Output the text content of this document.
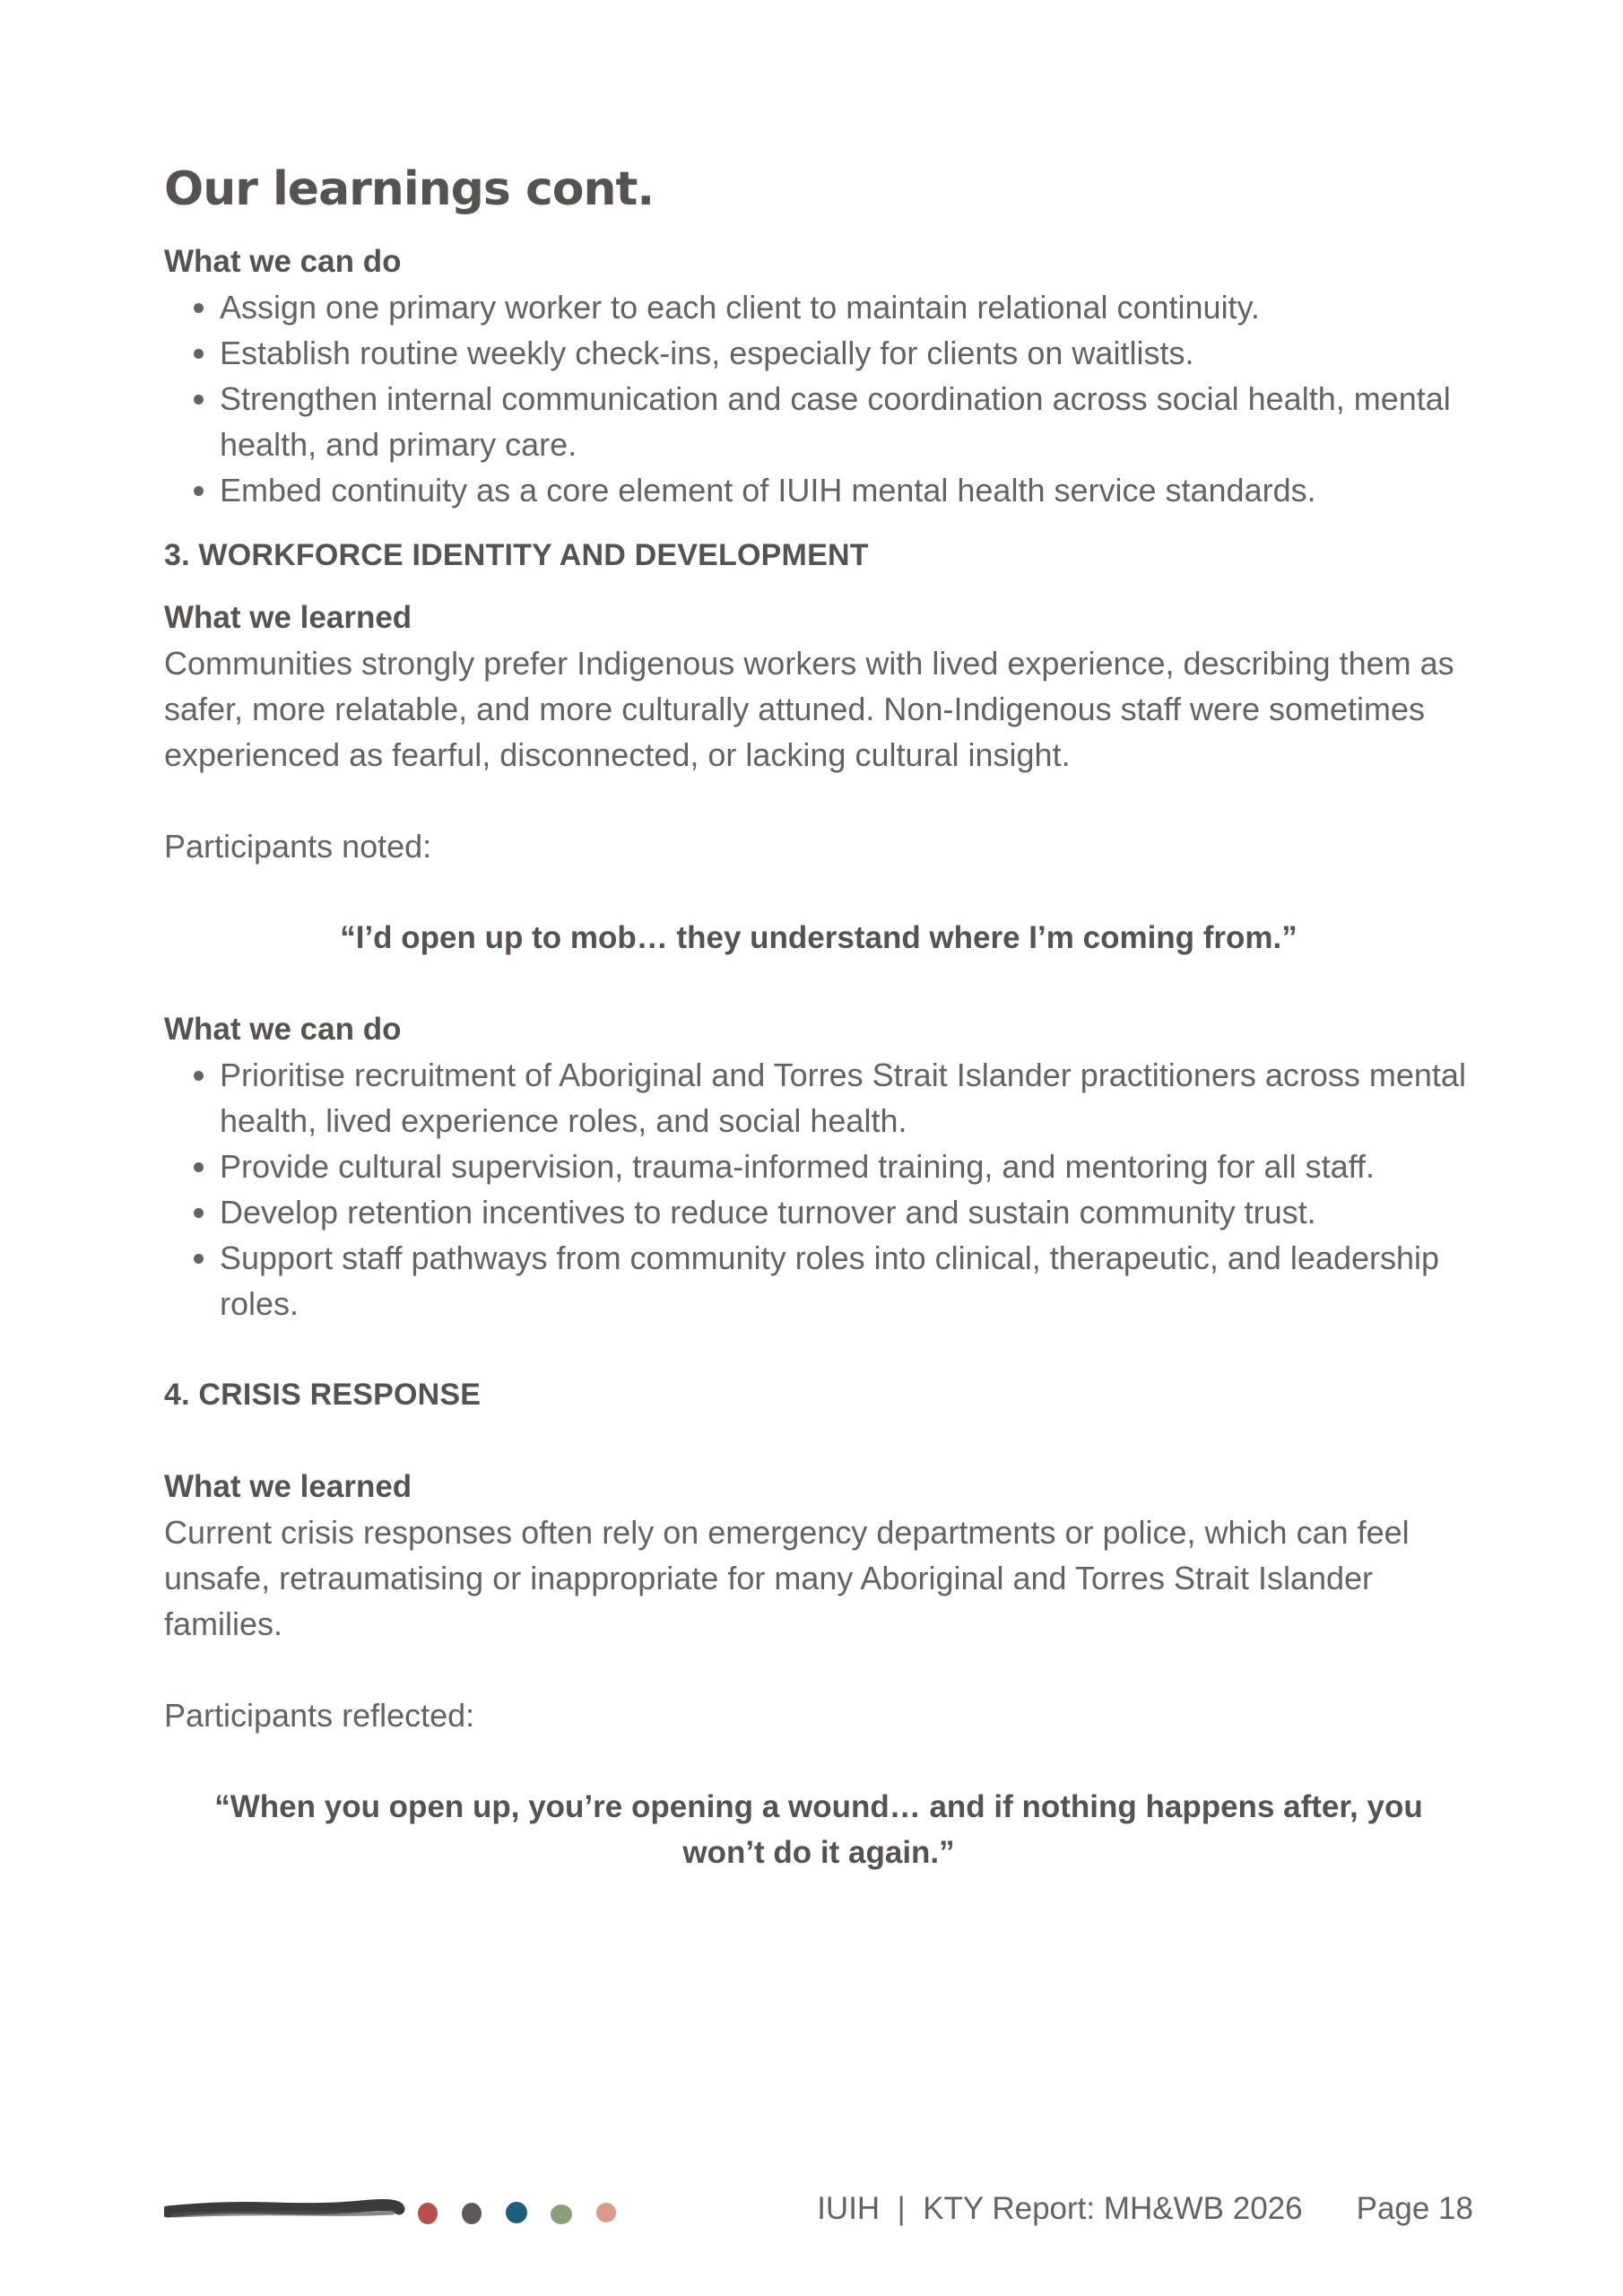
Our learnings cont.
What we can do
• Assign one primary worker to each client to maintain relational continuity.
• Establish routine weekly check-ins, especially for clients on waitlists.
• Strengthen internal communication and case coordination across social health, mental health, and primary care.
• Embed continuity as a core element of IUIH mental health service standards.
3. WORKFORCE IDENTITY AND DEVELOPMENT
What we learned
Communities strongly prefer Indigenous workers with lived experience, describing them as safer, more relatable, and more culturally attuned. Non-Indigenous staff were sometimes experienced as fearful, disconnected, or lacking cultural insight.
Participants noted:
“I’d open up to mob… they understand where I’m coming from.”
What we can do
• Prioritise recruitment of Aboriginal and Torres Strait Islander practitioners across mental health, lived experience roles, and social health.
• Provide cultural supervision, trauma-informed training, and mentoring for all staff.
• Develop retention incentives to reduce turnover and sustain community trust.
• Support staff pathways from community roles into clinical, therapeutic, and leadership roles.
4. CRISIS RESPONSE
What we learned
Current crisis responses often rely on emergency departments or police, which can feel unsafe, retraumatising or inappropriate for many Aboriginal and Torres Strait Islander families.
Participants reflected:
“When you open up, you’re opening a wound… and if nothing happens after, you won’t do it again.”
IUIH  |  KTY Report: MH&WB 2026 Page 18
